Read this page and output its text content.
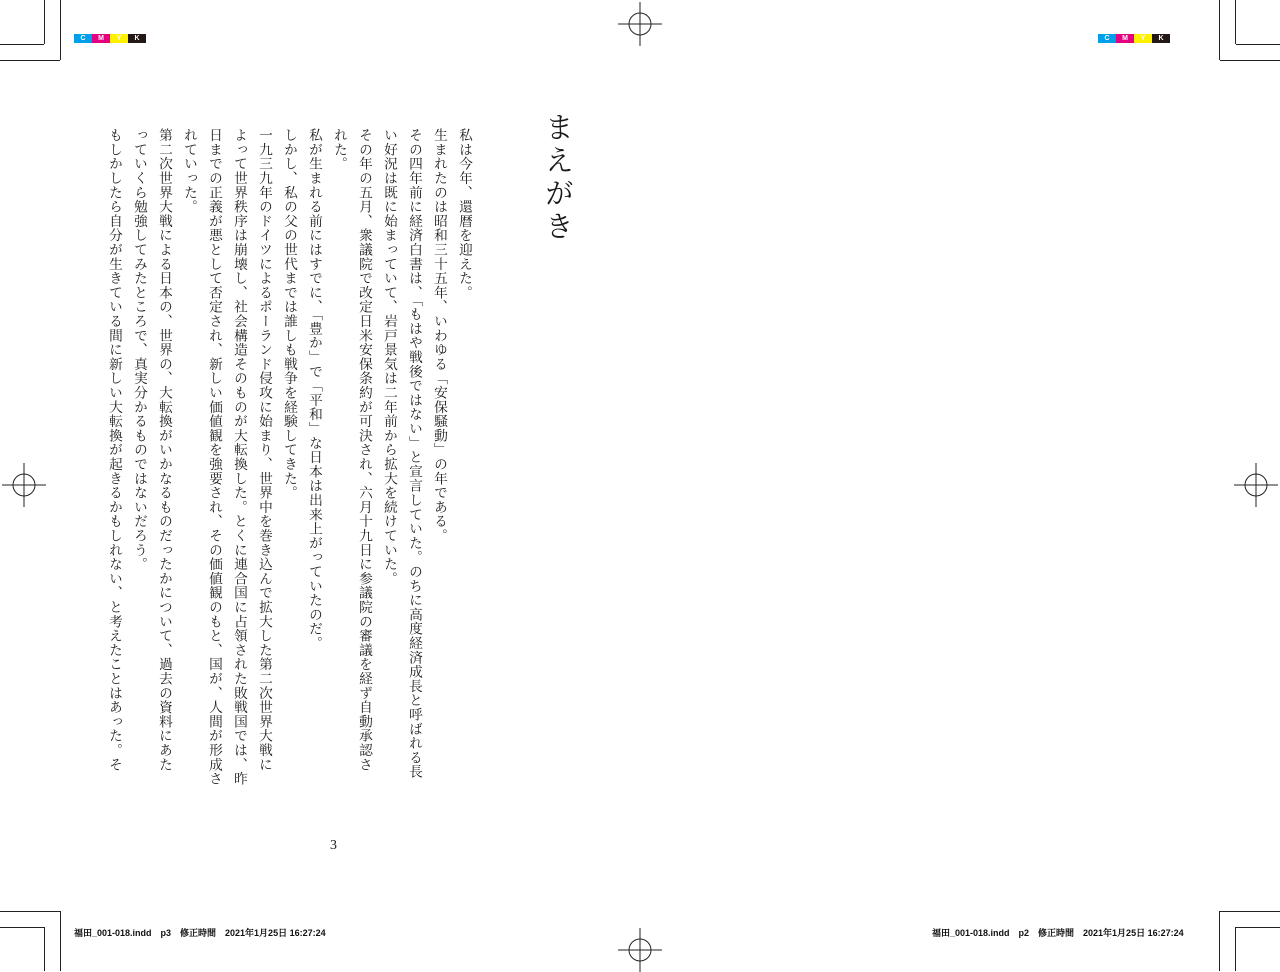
C	M	Y	K	C	M	Y	K
まえがき
私は今年、還暦を迎えた。
生まれたのは昭和三十五年、いわゆる「安保騒動」の年である。
その四年前に経済白書は、「もはや戦後ではない」と宣言していた。のちに高度経済成長と呼ばれる長
い好況は既に始まっていて、岩戸景気は二年前から拡大を続けていた。
その年の五月、衆議院で改定日米安保条約が可決され、六月十九日に参議院の審議を経ず自動承認さ
れた。
私が生まれる前にはすでに、「豊か」で「平和」な日本は出来上がっていたのだ。
しかし、私の父の世代までは誰しも戦争を経験してきた。
一九三九年のドイツによるポーランド侵攻に始まり、世界中を巻き込んで拡大した第二次世界大戦に
よって世界秩序は崩壊し、社会構造そのものが大転換した。とくに連合国に占領された敗戦国では、昨
日までの正義が悪として否定され、新しい価値観を強要され、その価値観のもと、国が、人間が形成さ
れていった。
第二次世界大戦による日本の、世界の、大転換がいかなるものだったかについて、過去の資料にあた
っていくら勉強してみたところで、真実分かるものではないだろう。
もしかしたら自分が生きている間に新しい大転換が起きるかもしれない、と考えたことはあった。そ
3
福田_001-018.indd　p3　修正時間　2021年1月25日 16:27:24	福田_001-018.indd　p2　修正時間　2021年1月25日 16:27:24
